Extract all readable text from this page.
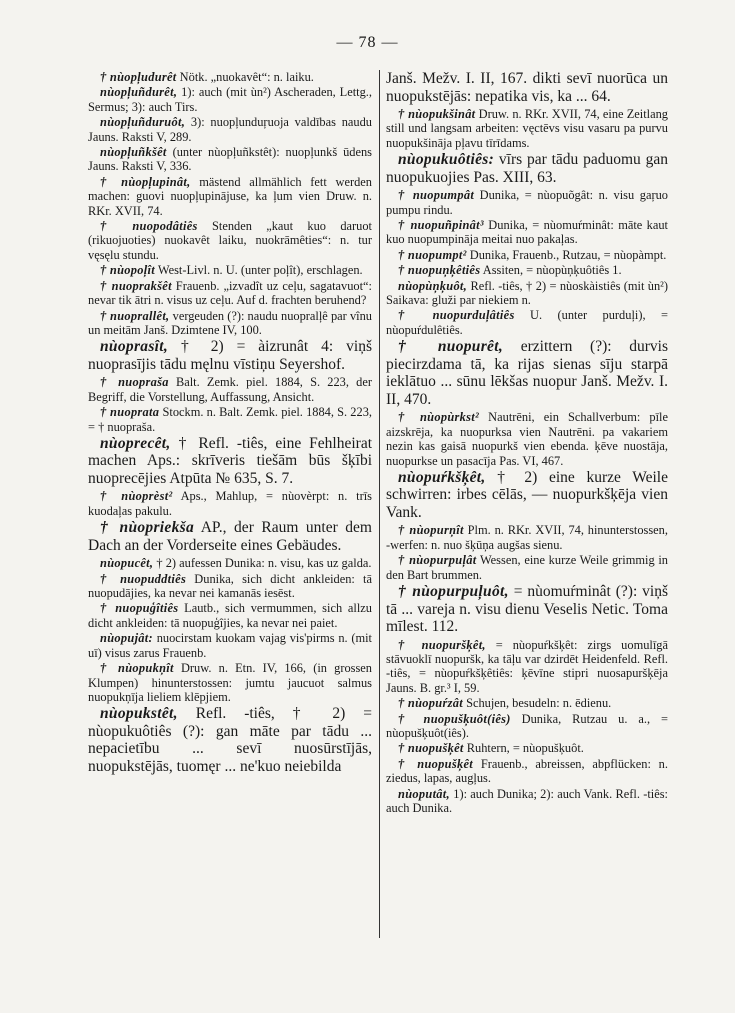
— 78 —

† nùopļudurêt Nötk. „nuokavêt“: n. laiku.

nùopļuñdurêt, 1): auch (mit ùn²) Ascheraden, Lettg., Sermus; 3): auch Tirs.

nùopļuñduruôt, 3): nuopļunduŗuoja valdības naudu Jauns. Raksti V, 289.

nùopļuñkšêt (unter nùopļuñkstêt): nuopļunkš ūdens Jauns. Raksti V, 336.

† nùopļupinât, mästend allmählich fett werden machen: guovi nuopļupinājuse, ka ļum vien Druw. n. RKr. XVII, 74.

† nuopodâtiês Stenden „kaut kuo daruot (rikuojuoties) nuokavêt laiku, nuokrāmêties“: n. tur vęsęlu stundu.

† nùopoļît West-Livl. n. U. (unter poļît), erschlagen.

† nuoprakšêt Frauenb. „izvadît uz ceļu, sagatavuot“: nevar tik ātri n. visus uz ceļu. Auf d. frachten beruhend?

† nuoprallêt, vergeuden (?): naudu nuopralļê par vînu un meitām Janš. Dzimtene IV, 100.

nùoprasît, † 2) = àizrunât 4: viņš nuoprasījis tādu męlnu vīstiņu Seyershof.

† nuopraša Balt. Zemk. piel. 1884, S. 223, der Begriff, die Vorstellung, Auffassung, Ansicht.

† nuoprata Stockm. n. Balt. Zemk. piel. 1884, S. 223, = † nuopraša.

nùoprecêt, † Refl. -tiês, eine Fehlheirat machen Aps.: skrīveris tiešām būs šķībi nuoprecējies Atpūta № 635, S. 7.

† nùoprèst² Aps., Mahlup, = nùovèrpt: n. trīs kuodaļas pakulu.

† nùopriekša AP., der Raum unter dem Dach an der Vorderseite eines Gebäudes.

nùopucêt, † 2) aufessen Dunika: n. visu, kas uz galda.

† nuopuddtiês Dunika, sich dicht ankleiden: tā nuopudājies, ka nevar nei kamanās iesēst.

† nuopuģîtiês Lautb., sich vermummen, sich allzu dicht ankleiden: tā nuopuģîjies, ka nevar nei paiet.

nùopujât: nuocirstam kuokam vajag vis'pirms n. (mit uī) visus zarus Frauenb.

† nùopukņît Druw. n. Etn. IV, 166, (in grossen Klumpen) hinunterstossen: jumtu jaucuot salmus nuopukņīja lieliem klēpjiem.

nùopukstêt, Refl. -tiês, † 2) = nùopukuôtiês (?): gan māte par tādu ... nepacietību ... sevī nuosūrstījās, nuopukstējās, tuomęr ... ne'kuo neiebilda

Janš. Mežv. I. II, 167. dikti sevī nuorūca un nuopukstējās: nepatika vis, ka ... 64.

† nùopukšinât Druw. n. RKr. XVII, 74, eine Zeitlang still und langsam arbeiten: vęctēvs visu vasaru pa purvu nuopukšināja pļavu tīrīdams.

nùopukuôtiês: vīrs par tādu paduomu gan nuopukuojies Pas. XIII, 63.

† nuopumpât Dunika, = nùopuõgât: n. visu gaŗuo pumpu rindu.

† nuopuñpinât³ Dunika, = nùomuŕminât: māte kaut kuo nuopumpināja meitai nuo pakaļas.

† nuopumpt² Dunika, Frauenb., Rutzau, = nùopàmpt.

† nuopuņķêtiês Assiten, = nùopùņķuôtiês 1.

nùopùņķuôt, Refl. -tiês, † 2) = nùoskàistiês (mit ùn²) Saikava: gluži par niekiem n.

† nuopurduļâtiês U. (unter purduļi), = nùopuŕdulêtiês.

† nuopurêt, erzittern (?): durvis piecirzdama tā, ka rijas sienas sīju starpā ieklātuo ... sūnu lēkšas nuopur Janš. Mežv. I. II, 470.

† nùopùrkst² Nautrēni, ein Schallverbum: pīle aizskrēja, ka nuopurksa vien Nautrēni. pa vakariem nezin kas gaisā nuopurkš vien ebenda. ķēve nuostāja, nuopurkse un pasacīja Pas. VI, 467.

nùopuŕkšķêt, † 2) eine kurze Weile schwirren: irbes cēlās, — nuopurkšķēja vien Vank.

† nùopurņît Plm. n. RKr. XVII, 74, hinunterstossen, -werfen: n. nuo šķūņa augšas sienu.

† nùopurpuļât Wessen, eine kurze Weile grimmig in den Bart brummen.

† nùopurpuļuôt, = nùomuŕminât (?): viņš tā ... vareja n. visu dienu Veselis Netic. Toma mīlest. 112.

† nuopuršķêt, = nùopuŕkšķêt: zirgs uomulīgā stāvuoklī nuopuršk, ka tāļu var dzirdēt Heidenfeld. Refl. -tiês, = nùopuŕkšķêtiês: ķēvīne stipri nuosapuršķēja Jauns. B. gr.³ I, 59.

† nùopuŕzât Schujen, besudeln: n. ēdienu.

† nuopušķuôt(iês) Dunika, Rutzau u. a., = nùopušķuôt(iês).

† nuopušķêt Ruhtern, = nùopušķuôt.

† nuopušķêt Frauenb., abreissen, abpflücken: n. ziedus, lapas, augļus.

nùoputât, 1): auch Dunika; 2): auch Vank. Refl. -tiês: auch Dunika.
